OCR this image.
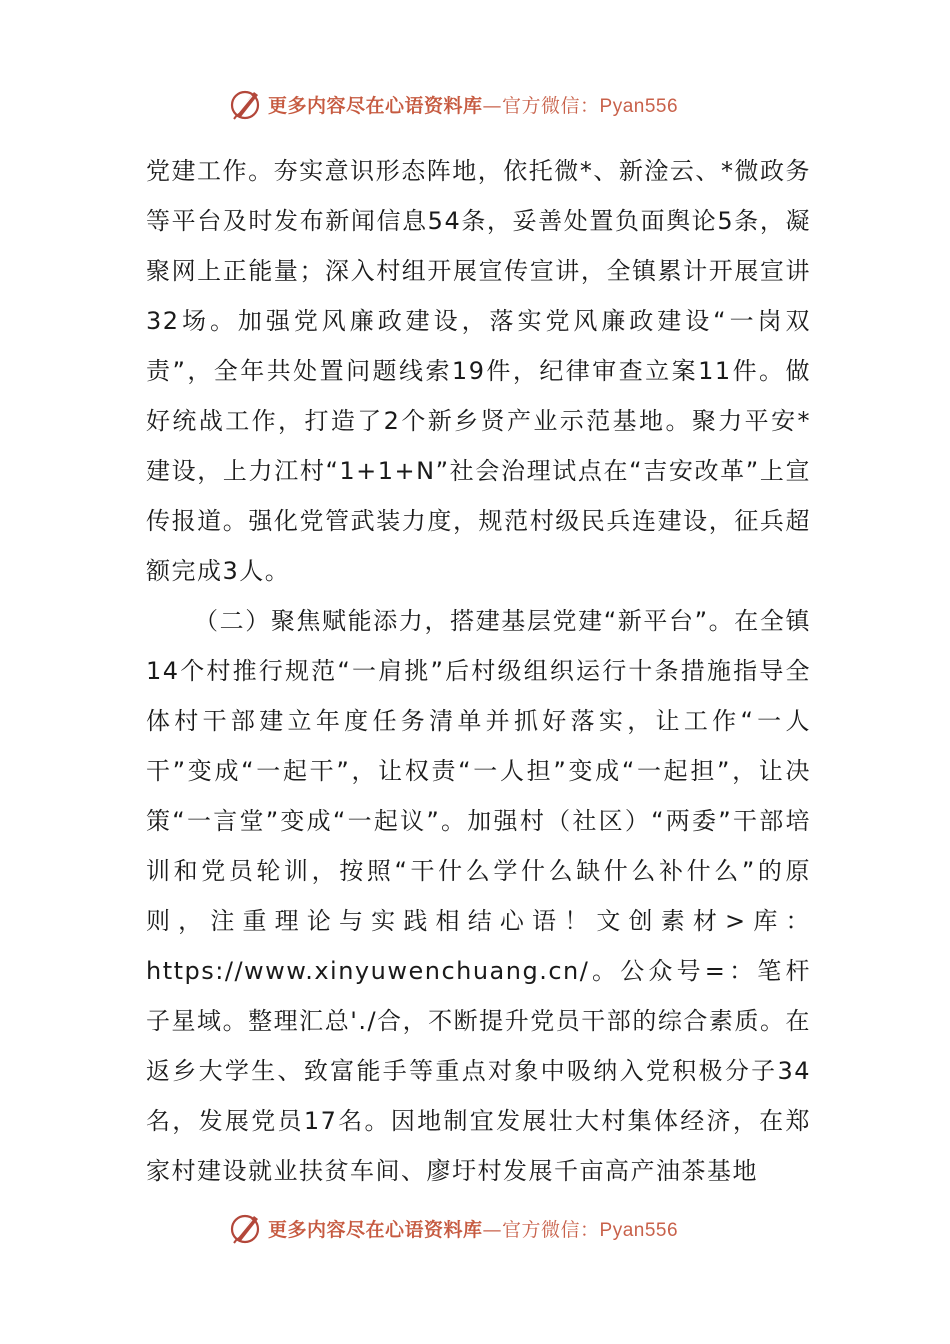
更多内容尽在心语资料库—官方微信：Pyan556

党建工作。夯实意识形态阵地，依托微*、新淦云、*微政务等平台及时发布新闻信息54条，妥善处置负面舆论5条，凝聚网上正能量；深入村组开展宣传宣讲，全镇累计开展宣讲32场。加强党风廉政建设，落实党风廉政建设“一岗双责”，全年共处置问题线索19件，纪律审查立案11件。做好统战工作，打造了2个新乡贤产业示范基地。聚力平安*建设，上力江村“1+1+N”社会治理试点在“吉安改革”上宣传报道。强化党管武装力度，规范村级民兵连建设，征兵超额完成3人。

（二）聚焦赋能添力，搭建基层党建“新平台”。在全镇14个村推行规范“一肩挑”后村级组织运行十条措施指导全体村干部建立年度任务清单并抓好落实，让工作“一人干”变成“一起干”，让权责“一人担”变成“一起担”，让决策“一言堂”变成“一起议”。加强村（社区）“两委”干部培训和党员轮训，按照“干什么学什么缺什么补什么”的原则，注重理论与实践相结心语！文创素材>库：https://www.xinyuwenchuang.cn/。公众号=：笔杆子星域。整理汇总'./合，不断提升党员干部的综合素质。在返乡大学生、致富能手等重点对象中吸纳入党积极分子34名，发展党员17名。因地制宜发展壮大村集体经济，在郑家村建设就业扶贫车间、廖圩村发展千亩高产油茶基地

更多内容尽在心语资料库—官方微信：Pyan556
